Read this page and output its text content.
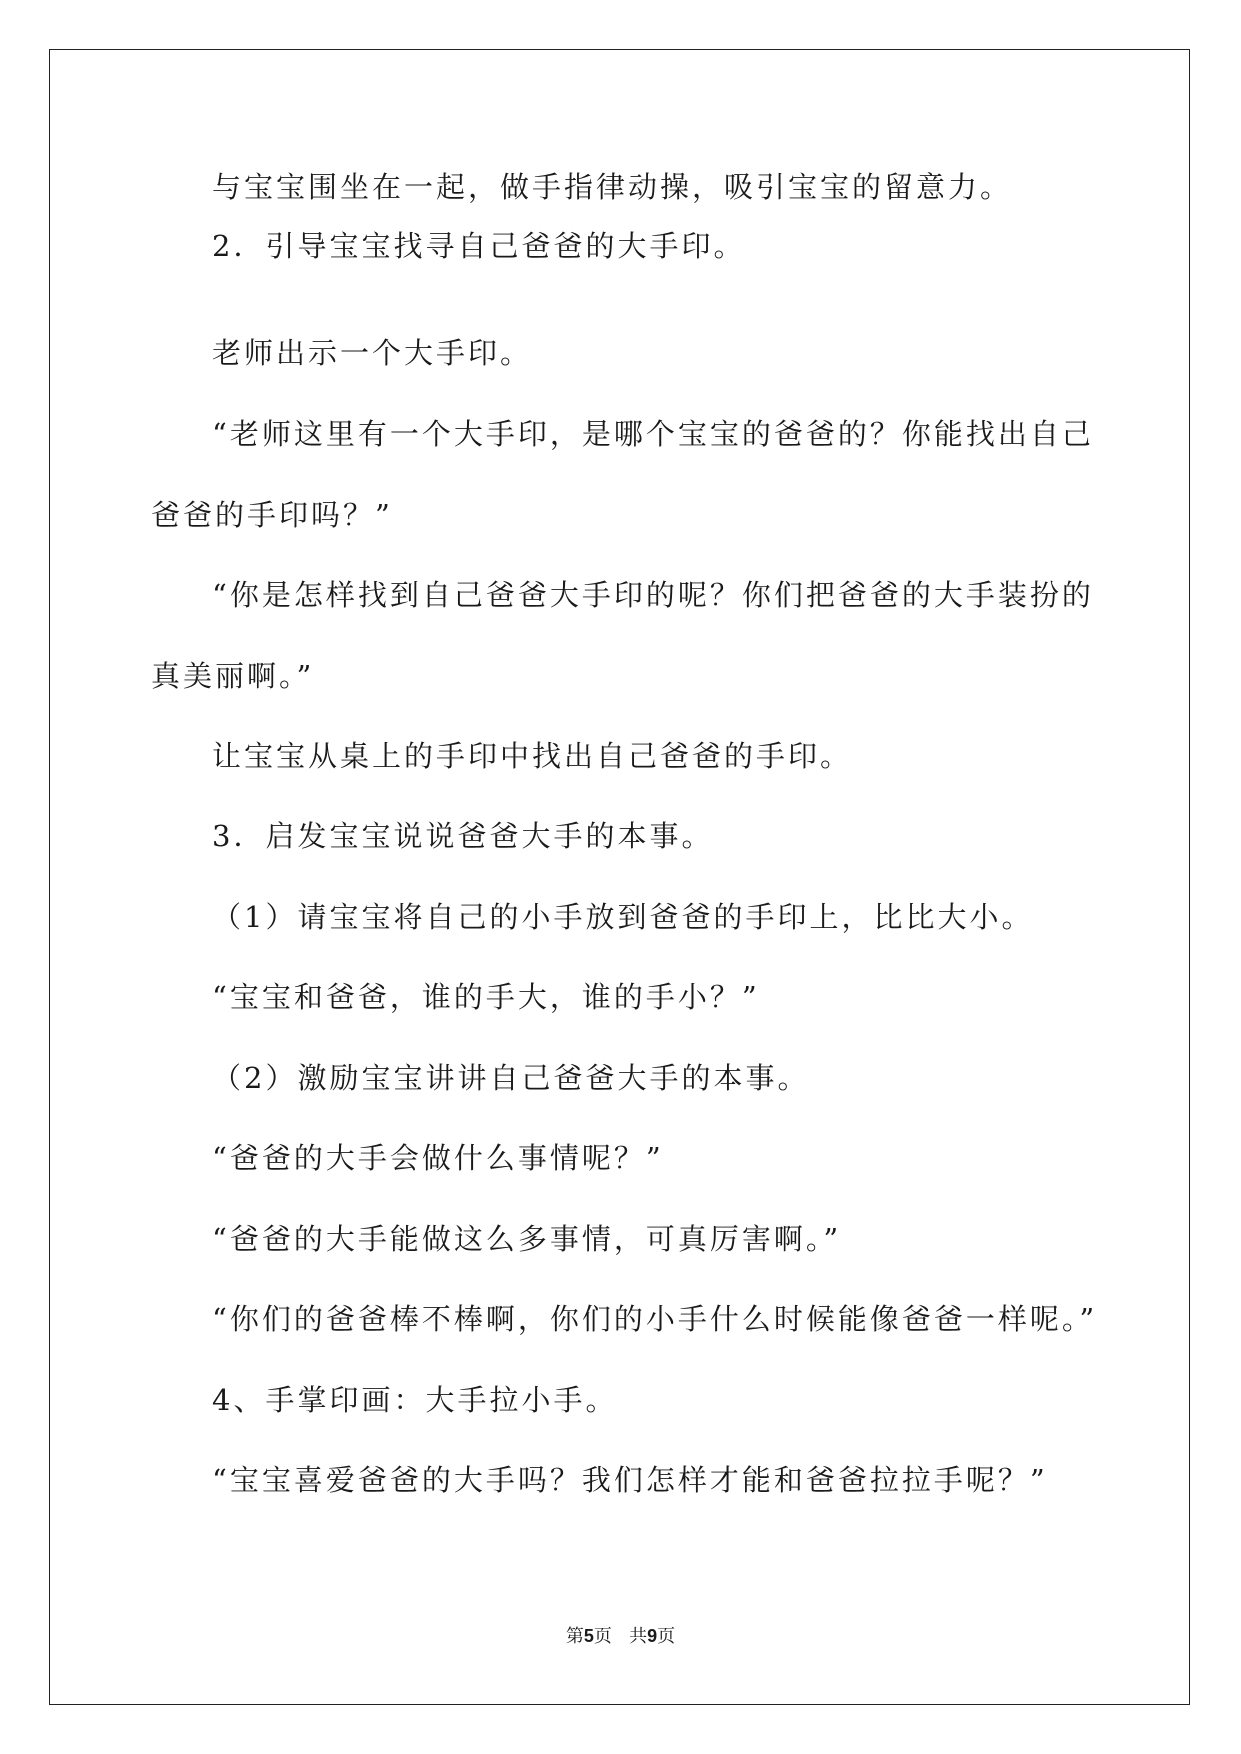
与宝宝围坐在一起，做手指律动操，吸引宝宝的留意力。
2．引导宝宝找寻自己爸爸的大手印。
老师出示一个大手印。
“老师这里有一个大手印，是哪个宝宝的爸爸的？你能找出自己
爸爸的手印吗？”
“你是怎样找到自己爸爸大手印的呢？你们把爸爸的大手装扮的
真美丽啊。”
让宝宝从桌上的手印中找出自己爸爸的手印。
3．启发宝宝说说爸爸大手的本事。
（1）请宝宝将自己的小手放到爸爸的手印上，比比大小。
“宝宝和爸爸，谁的手大，谁的手小？”
（2）激励宝宝讲讲自己爸爸大手的本事。
“爸爸的大手会做什么事情呢？”
“爸爸的大手能做这么多事情，可真厉害啊。”
“你们的爸爸棒不棒啊，你们的小手什么时候能像爸爸一样呢。”
4、手掌印画：大手拉小手。
“宝宝喜爱爸爸的大手吗？我们怎样才能和爸爸拉拉手呢？”
第5页 共9页
